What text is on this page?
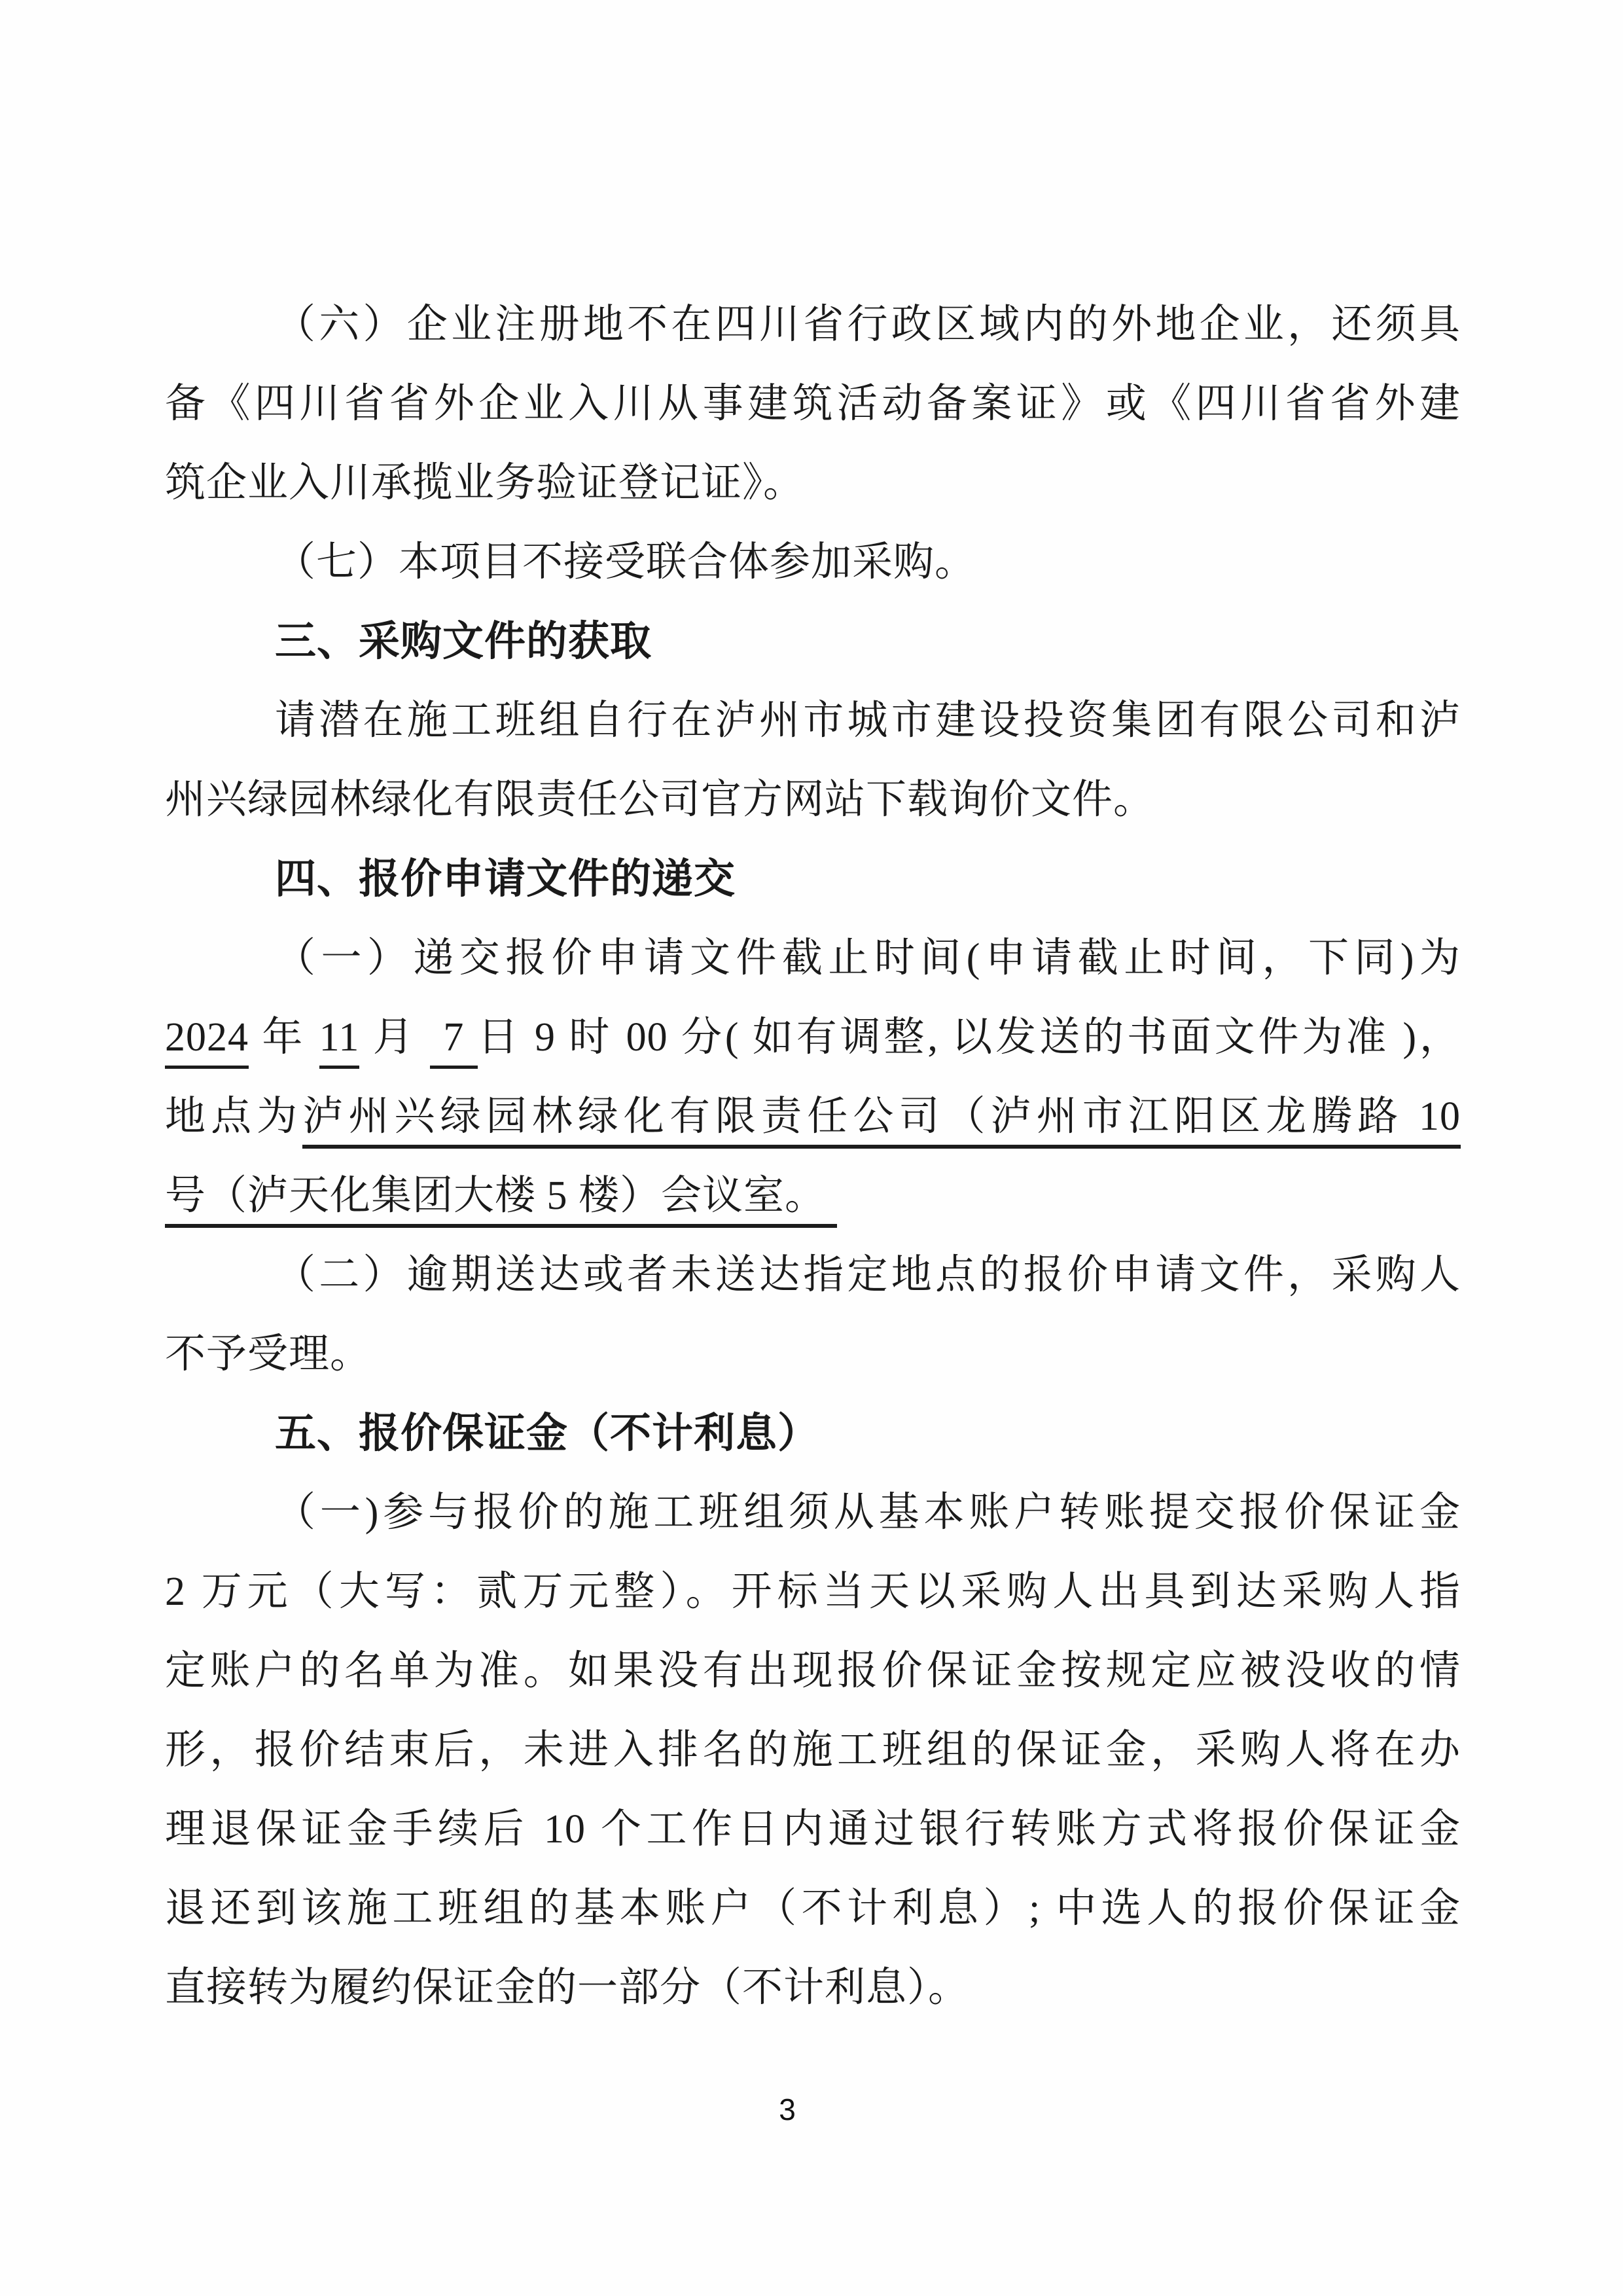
（六）企业注册地不在四川省行政区域内的外地企业，还须具
备《四川省省外企业入川从事建筑活动备案证》或《四川省省外建
筑企业入川承揽业务验证登记证》。
（七）本项目不接受联合体参加采购。
三、采购文件的获取
请潜在施工班组自行在泸州市城市建设投资集团有限公司和泸
州兴绿园林绿化有限责任公司官方网站下载询价文件。
四、报价申请文件的递交
（一）递交报价申请文件截止时间(申请截止时间，下同)为
2024 年 11 月  7 日 9 时 00 分( 如有调整, 以发送的书面文件为准 )，
地点为泸州兴绿园林绿化有限责任公司（泸州市江阳区龙腾路 10
号（泸天化集团大楼 5 楼）会议室。
（二）逾期送达或者未送达指定地点的报价申请文件，采购人
不予受理。
五、报价保证金（不计利息）
（一)参与报价的施工班组须从基本账户转账提交报价保证金
2 万元（大写：贰万元整）。开标当天以采购人出具到达采购人指
定账户的名单为准。如果没有出现报价保证金按规定应被没收的情
形，报价结束后，未进入排名的施工班组的保证金，采购人将在办
理退保证金手续后 10 个工作日内通过银行转账方式将报价保证金
退还到该施工班组的基本账户（不计利息）; 中选人的报价保证金
直接转为履约保证金的一部分（不计利息）。
3
